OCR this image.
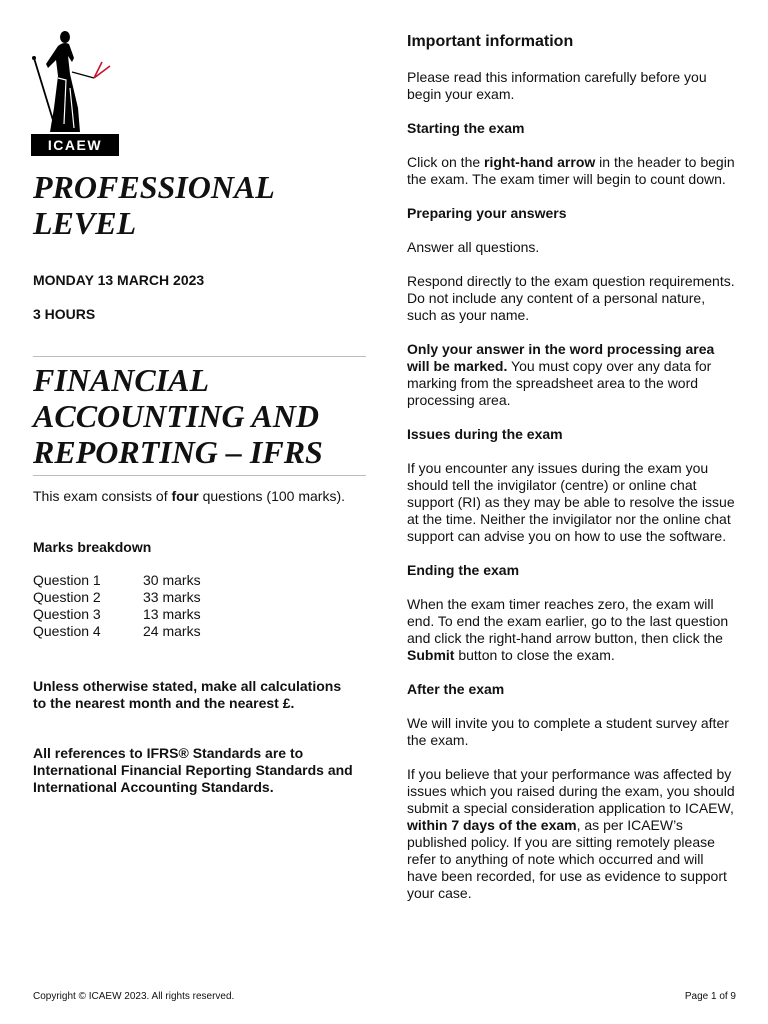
ICAEW
PROFESSIONAL LEVEL
MONDAY 13 MARCH 2023
3 HOURS
FINANCIAL ACCOUNTING AND REPORTING – IFRS
This exam consists of four questions (100 marks).
Marks breakdown
Question 1	30 marks
Question 2	33 marks
Question 3	13 marks
Question 4	24 marks
Unless otherwise stated, make all calculations to the nearest month and the nearest £.
All references to IFRS® Standards are to International Financial Reporting Standards and International Accounting Standards.
Important information

Please read this information carefully before you begin your exam.

Starting the exam

Click on the right-hand arrow in the header to begin the exam. The exam timer will begin to count down.

Preparing your answers

Answer all questions.

Respond directly to the exam question requirements. Do not include any content of a personal nature, such as your name.

Only your answer in the word processing area will be marked. You must copy over any data for marking from the spreadsheet area to the word processing area.

Issues during the exam

If you encounter any issues during the exam you should tell the invigilator (centre) or online chat support (RI) as they may be able to resolve the issue at the time. Neither the invigilator nor the online chat support can advise you on how to use the software.

Ending the exam

When the exam timer reaches zero, the exam will end. To end the exam earlier, go to the last question and click the right-hand arrow button, then click the Submit button to close the exam.

After the exam

We will invite you to complete a student survey after the exam.

If you believe that your performance was affected by issues which you raised during the exam, you should submit a special consideration application to ICAEW, within 7 days of the exam, as per ICAEW’s published policy. If you are sitting remotely please refer to anything of note which occurred and will have been recorded, for use as evidence to support your case.

Copyright © ICAEW 2023. All rights reserved.	Page 1 of 9
